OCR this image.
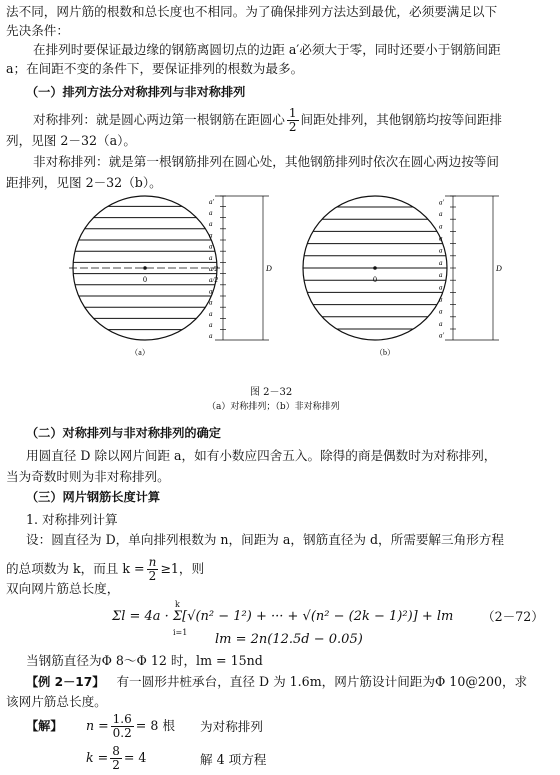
法不同，网片筋的根数和总长度也不相同。为了确保排列方法达到最优，必须要满足以下
先决条件：
在排列时要保证最边缘的钢筋离圆切点的边距 a′必须大于零，同时还要小于钢筋间距
a；在间距不变的条件下，要保证排列的根数为最多。
（一）排列方法分对称排列与非对称排列
对称排列：就是圆心两边第一根钢筋在距圆心 $\frac{1}{2}$ 间距处排列，其他钢筋均按等间距排
列，见图 2－32（a）。
非对称排列：就是第一根钢筋排列在圆心处，其他钢筋排列时依次在圆心两边按等间
距排列，见图 2－32（b）。
0
a′
a
a
a
a
a
a/2
a/2
a
a
a
a
a
D
0
a′
a
a
a
a
a
a
a
a
a
a
a′
D
（a）	（b）
图 2－32
（a）对称排列；（b）非对称排列
（二）对称排列与非对称排列的确定
用圆直径 D 除以网片间距 a，如有小数应四舍五入。除得的商是偶数时为对称排列，
当为奇数时则为非对称排列。
（三）网片钢筋长度计算
1. 对称排列计算
设：圆直径为 D，单向排列根数为 n，间距为 a，钢筋直径为 d，所需要解三角形方程
的总项数为 k，而且 $k = \frac{n}{2} \ge 1$，则
双向网片筋总长度，
Σl = 4a · Σ[√(n² − 1²) + ··· + √(n² − (2k − 1)²)] + lm
k
i=1
（2－72）
lm = 2n(12.5d − 0.05)
当钢筋直径为Φ 8～Φ 12 时，lm = 15nd
【例 2－17】 有一圆形井桩承台，直径 D 为 1.6m，网片筋设计间距为Φ 10@200，求
该网片筋总长度。
【解】 $n = \frac{1.6}{0.2} = 8$ 根 为对称排列
$k = \frac{8}{2} = 4$	解 4 项方程
